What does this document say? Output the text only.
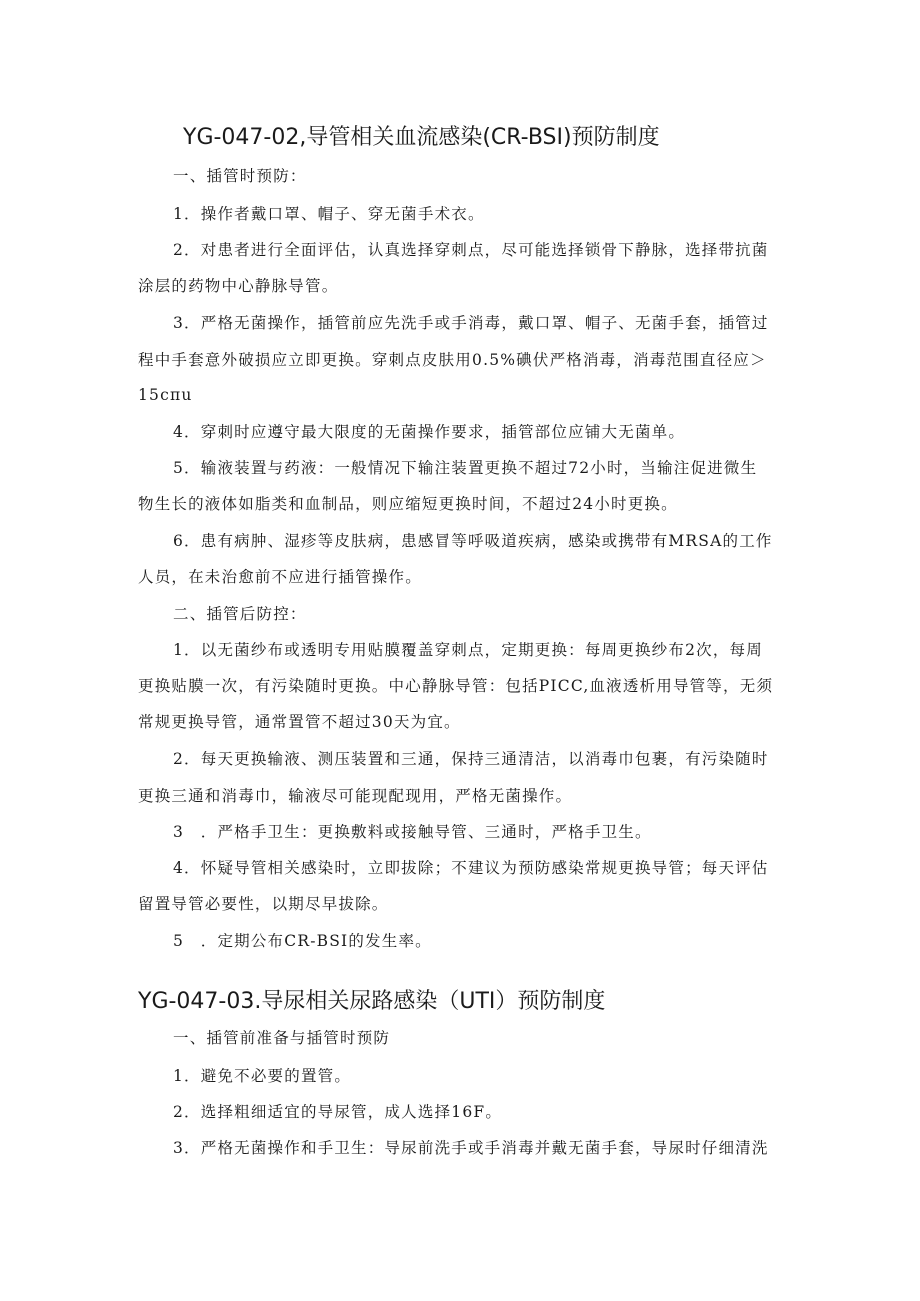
YG-047-02,导管相关血流感染(CR-BSI)预防制度
一、插管时预防：
1．操作者戴口罩、帽子、穿无菌手术衣。
2．对患者进行全面评估，认真选择穿刺点，尽可能选择锁骨下静脉，选择带抗菌
涂层的药物中心静脉导管。
3．严格无菌操作，插管前应先洗手或手消毒，戴口罩、帽子、无菌手套，插管过
程中手套意外破损应立即更换。穿刺点皮肤用0.5%碘伏严格消毒，消毒范围直径应＞
15cπu
4．穿刺时应遵守最大限度的无菌操作要求，插管部位应铺大无菌单。
5．输液装置与药液：一般情况下输注装置更换不超过72小时，当输注促进微生
物生长的液体如脂类和血制品，则应缩短更换时间，不超过24小时更换。
6．患有病肿、湿疹等皮肤病，患感冒等呼吸道疾病，感染或携带有MRSA的工作
人员，在未治愈前不应进行插管操作。
二、插管后防控：
1．以无菌纱布或透明专用贴膜覆盖穿刺点，定期更换：每周更换纱布2次，每周
更换贴膜一次，有污染随时更换。中心静脉导管：包括PICC,血液透析用导管等，无须
常规更换导管，通常置管不超过30天为宜。
2．每天更换输液、测压装置和三通，保持三通清洁，以消毒巾包裹，有污染随时
更换三通和消毒巾，输液尽可能现配现用，严格无菌操作。
3　．严格手卫生：更换敷料或接触导管、三通时，严格手卫生。
4．怀疑导管相关感染时，立即拔除；不建议为预防感染常规更换导管；每天评估
留置导管必要性，以期尽早拔除。
5　．定期公布CR-BSI的发生率。
YG-047-03.导尿相关尿路感染（UTI）预防制度
一、插管前准备与插管时预防
1．避免不必要的置管。
2．选择粗细适宜的导尿管，成人选择16F。
3．严格无菌操作和手卫生：导尿前洗手或手消毒并戴无菌手套，导尿时仔细清洗
